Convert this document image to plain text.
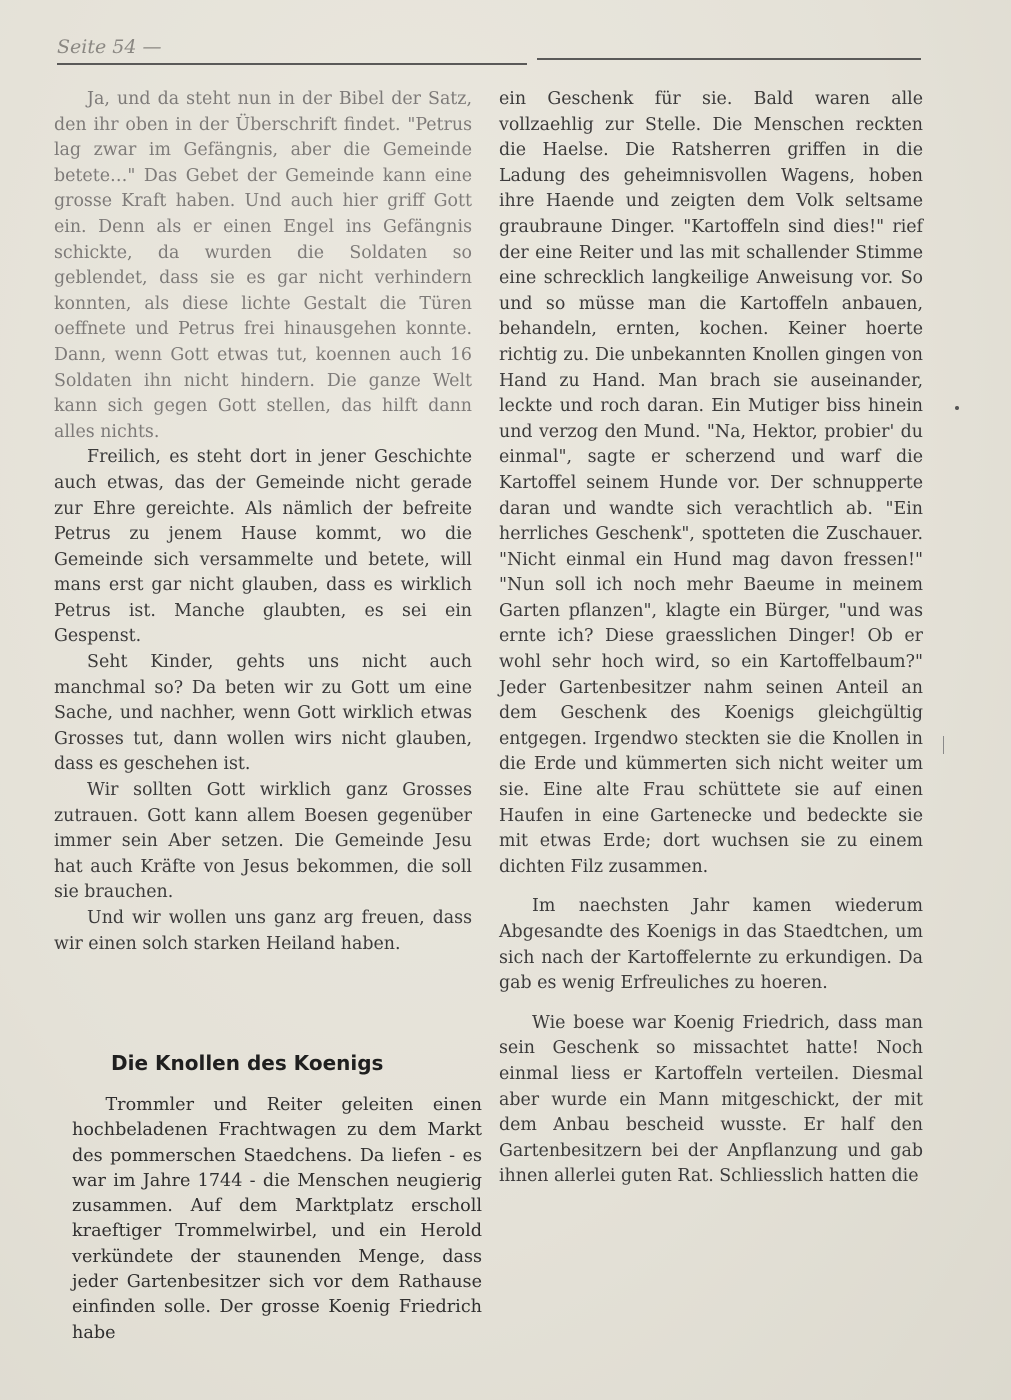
Seite 54 —

Ja, und da steht nun in der Bibel der Satz, den ihr oben in der Überschrift findet. "Petrus lag zwar im Gefängnis, aber die Gemeinde betete…" Das Gebet der Gemeinde kann eine grosse Kraft haben. Und auch hier griff Gott ein. Denn als er einen Engel ins Gefängnis schickte, da wurden die Soldaten so geblendet, dass sie es gar nicht verhindern konnten, als diese lichte Gestalt die Türen oeffnete und Petrus frei hinausgehen konnte. Dann, wenn Gott etwas tut, koennen auch 16 Soldaten ihn nicht hindern. Die ganze Welt kann sich gegen Gott stellen, das hilft dann alles nichts.

Freilich, es steht dort in jener Geschichte auch etwas, das der Gemeinde nicht gerade zur Ehre gereichte. Als nämlich der befreite Petrus zu jenem Hause kommt, wo die Gemeinde sich versammelte und betete, will mans erst gar nicht glauben, dass es wirklich Petrus ist. Manche glaubten, es sei ein Gespenst.

Seht Kinder, gehts uns nicht auch manchmal so? Da beten wir zu Gott um eine Sache, und nachher, wenn Gott wirklich etwas Grosses tut, dann wollen wirs nicht glauben, dass es geschehen ist.

Wir sollten Gott wirklich ganz Grosses zutrauen. Gott kann allem Boesen gegenüber immer sein Aber setzen. Die Gemeinde Jesu hat auch Kräfte von Jesus bekommen, die soll sie brauchen.

Und wir wollen uns ganz arg freuen, dass wir einen solch starken Heiland haben.

Die Knollen des Koenigs

Trommler und Reiter geleiten einen hochbeladenen Frachtwagen zu dem Markt des pommerschen Staedchens. Da liefen - es war im Jahre 1744 - die Menschen neugierig zusammen. Auf dem Marktplatz erscholl kraeftiger Trommelwirbel, und ein Herold verkündete der staunenden Menge, dass jeder Gartenbesitzer sich vor dem Rathause einfinden solle. Der grosse Koenig Friedrich habe

ein Geschenk für sie. Bald waren alle vollzaehlig zur Stelle. Die Menschen reckten die Haelse. Die Ratsherren griffen in die Ladung des geheimnisvollen Wagens, hoben ihre Haende und zeigten dem Volk seltsame graubraune Dinger. "Kartoffeln sind dies!" rief der eine Reiter und las mit schallender Stimme eine schrecklich langkeilige Anweisung vor. So und so müsse man die Kartoffeln anbauen, behandeln, ernten, kochen. Keiner hoerte richtig zu. Die unbekannten Knollen gingen von Hand zu Hand. Man brach sie auseinander, leckte und roch daran. Ein Mutiger biss hinein und verzog den Mund. "Na, Hektor, probier' du einmal", sagte er scherzend und warf die Kartoffel seinem Hunde vor. Der schnupperte daran und wandte sich verachtlich ab. "Ein herrliches Geschenk", spotteten die Zuschauer. "Nicht einmal ein Hund mag davon fressen!" "Nun soll ich noch mehr Baeume in meinem Garten pflanzen", klagte ein Bürger, "und was ernte ich? Diese graesslichen Dinger! Ob er wohl sehr hoch wird, so ein Kartoffelbaum?" Jeder Gartenbesitzer nahm seinen Anteil an dem Geschenk des Koenigs gleichgültig entgegen. Irgendwo steckten sie die Knollen in die Erde und kümmerten sich nicht weiter um sie. Eine alte Frau schüttete sie auf einen Haufen in eine Gartenecke und bedeckte sie mit etwas Erde; dort wuchsen sie zu einem dichten Filz zusammen.

Im naechsten Jahr kamen wiederum Abgesandte des Koenigs in das Staedtchen, um sich nach der Kartoffelernte zu erkundigen. Da gab es wenig Erfreuliches zu hoeren.

Wie boese war Koenig Friedrich, dass man sein Geschenk so missachtet hatte! Noch einmal liess er Kartoffeln verteilen. Diesmal aber wurde ein Mann mitgeschickt, der mit dem Anbau bescheid wusste. Er half den Gartenbesitzern bei der Anpflanzung und gab ihnen allerlei guten Rat. Schliesslich hatten die
